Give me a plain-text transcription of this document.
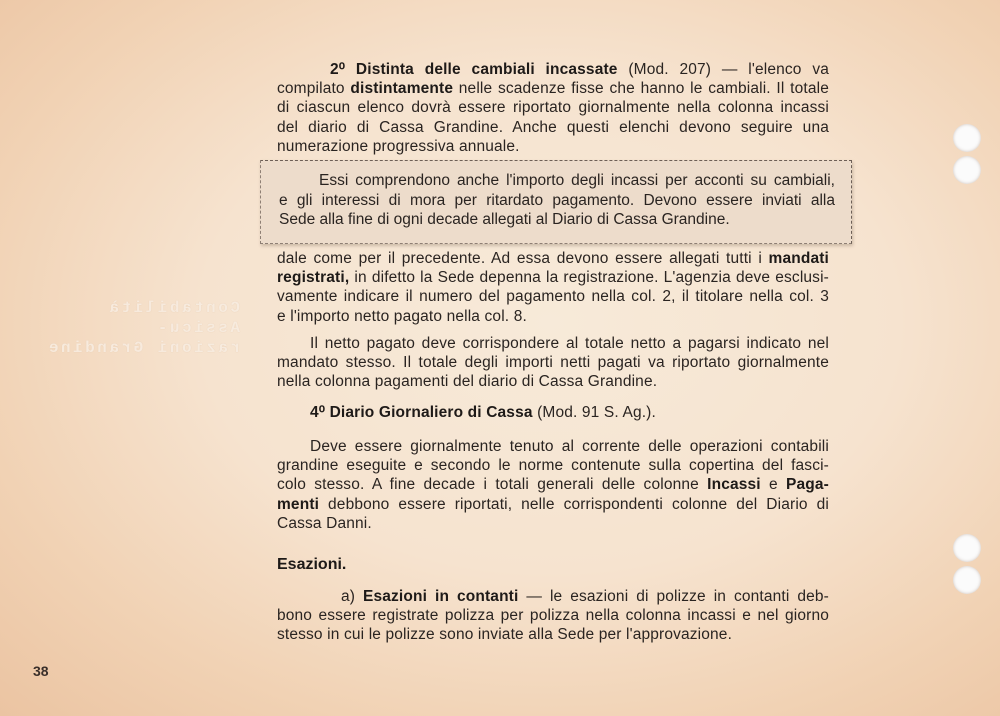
Contabilità Assicu-
razioni Grandine

2⁰ Distinta delle cambiali incassate (Mod. 207) — l'elenco va

compilato distintamente nelle scadenze fisse che hanno le cambiali. Il totale

di ciascun elenco dovrà essere riportato giornalmente nella colonna incassi

del diario di Cassa Grandine. Anche questi elenchi devono seguire una

numerazione progressiva annuale.

Essi comprendono anche l'importo degli incassi per acconti su cambiali,

e gli interessi di mora per ritardato pagamento. Devono essere inviati alla

Sede alla fine di ogni decade allegati al Diario di Cassa Grandine.

dale come per il precedente. Ad essa devono essere allegati tutti i mandati

registrati, in difetto la Sede depenna la registrazione. L'agenzia deve esclusi-

vamente indicare il numero del pagamento nella col. 2, il titolare nella col. 3

e l'importo netto pagato nella col. 8.

Il netto pagato deve corrispondere al totale netto a pagarsi indicato nel

mandato stesso. Il totale degli importi netti pagati va riportato giornalmente

nella colonna pagamenti del diario di Cassa Grandine.

4⁰ Diario Giornaliero di Cassa (Mod. 91 S. Ag.).

Deve essere giornalmente tenuto al corrente delle operazioni contabili

grandine eseguite e secondo le norme contenute sulla copertina del fasci-

colo stesso. A fine decade i totali generali delle colonne Incassi e Paga-

menti debbono essere riportati, nelle corrispondenti colonne del Diario di

Cassa Danni.

Esazioni.

a) Esazioni in contanti — le esazioni di polizze in contanti deb-

bono essere registrate polizza per polizza nella colonna incassi e nel giorno

stesso in cui le polizze sono inviate alla Sede per l'approvazione.

38
